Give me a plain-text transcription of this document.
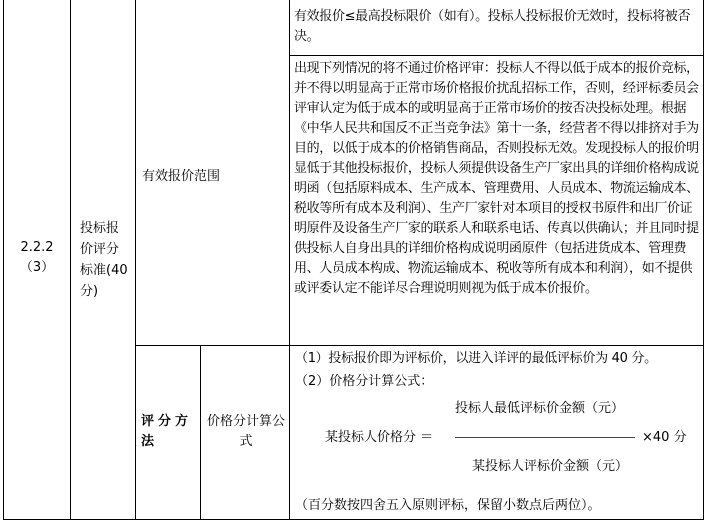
2.2.2
（3）
投标报
价评分
标准(40
分)
有效报价范围
有效报价≤最高投标限价（如有）。投标人投标报价无效时，投标将被否决。
出现下列情况的将不通过价格评审：投标人不得以低于成本的报价竞标，并不得以明显高于正常市场价格报价扰乱招标工作，否则，经评标委员会评审认定为低于成本的或明显高于正常市场价的按否决投标处理。根据《中华人民共和国反不正当竞争法》第十一条，经营者不得以排挤对手为目的，以低于成本的价格销售商品，否则投标无效。发现投标人的报价明显低于其他投标报价，投标人须提供设备生产厂家出具的详细价格构成说明函（包括原料成本、生产成本、管理费用、人员成本、物流运输成本、税收等所有成本及利润）、生产厂家针对本项目的授权书原件和出厂价证明原件及设备生产厂家的联系人和联系电话、传真以供确认；并且同时提供投标人自身出具的详细价格构成说明函原件（包括进货成本、管理费用、人员成本构成、物流运输成本、税收等所有成本和利润），如不提供或评委认定不能详尽合理说明则视为低于成本价报价。
评分方法
价格分计算公式
（1）投标报价即为评标价，以进入详评的最低评标价为 40 分。
（2）价格分计算公式：
投标人最低评标价金额（元）
某投标人价格分 ＝	×40 分
某投标人评标价金额（元）
（百分数按四舍五入原则评标，保留小数点后两位）。
